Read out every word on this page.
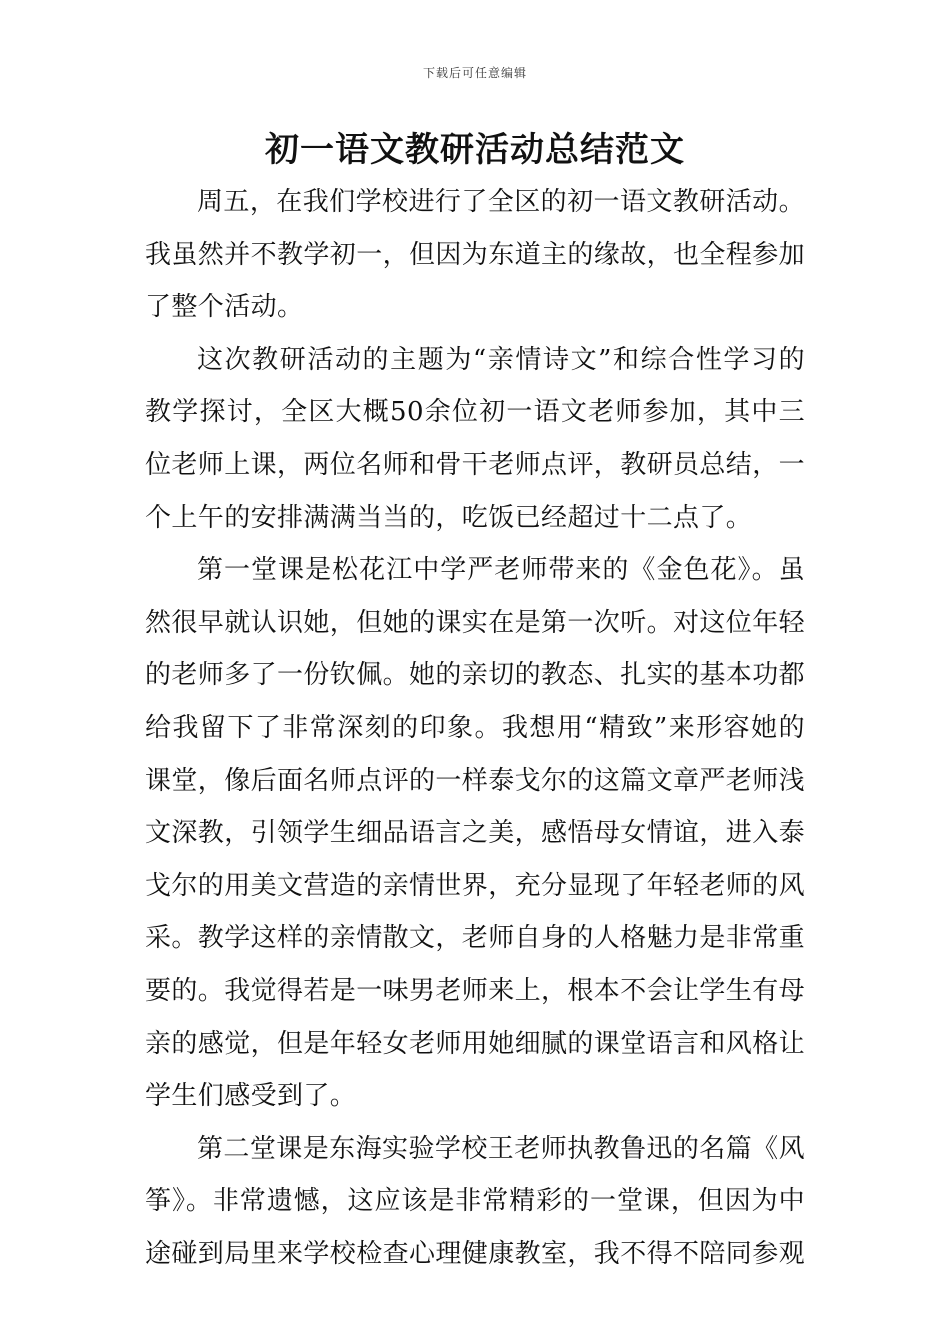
下载后可任意编辑
初一语文教研活动总结范文

周五，在我们学校进行了全区的初一语文教研活动。我虽然并不教学初一，但因为东道主的缘故，也全程参加了整个活动。

这次教研活动的主题为“亲情诗文”和综合性学习的教学探讨，全区大概50余位初一语文老师参加，其中三位老师上课，两位名师和骨干老师点评，教研员总结，一个上午的安排满满当当的，吃饭已经超过十二点了。

第一堂课是松花江中学严老师带来的《金色花》。虽然很早就认识她，但她的课实在是第一次听。对这位年轻的老师多了一份钦佩。她的亲切的教态、扎实的基本功都给我留下了非常深刻的印象。我想用“精致”来形容她的课堂，像后面名师点评的一样泰戈尔的这篇文章严老师浅文深教，引领学生细品语言之美，感悟母女情谊，进入泰戈尔的用美文营造的亲情世界，充分显现了年轻老师的风采。教学这样的亲情散文，老师自身的人格魅力是非常重要的。我觉得若是一味男老师来上，根本不会让学生有母亲的感觉，但是年轻女老师用她细腻的课堂语言和风格让学生们感受到了。

第二堂课是东海实验学校王老师执教鲁迅的名篇《风筝》。非常遗憾，这应该是非常精彩的一堂课，但因为中途碰到局里来学校检查心理健康教室，我不得不陪同参观
